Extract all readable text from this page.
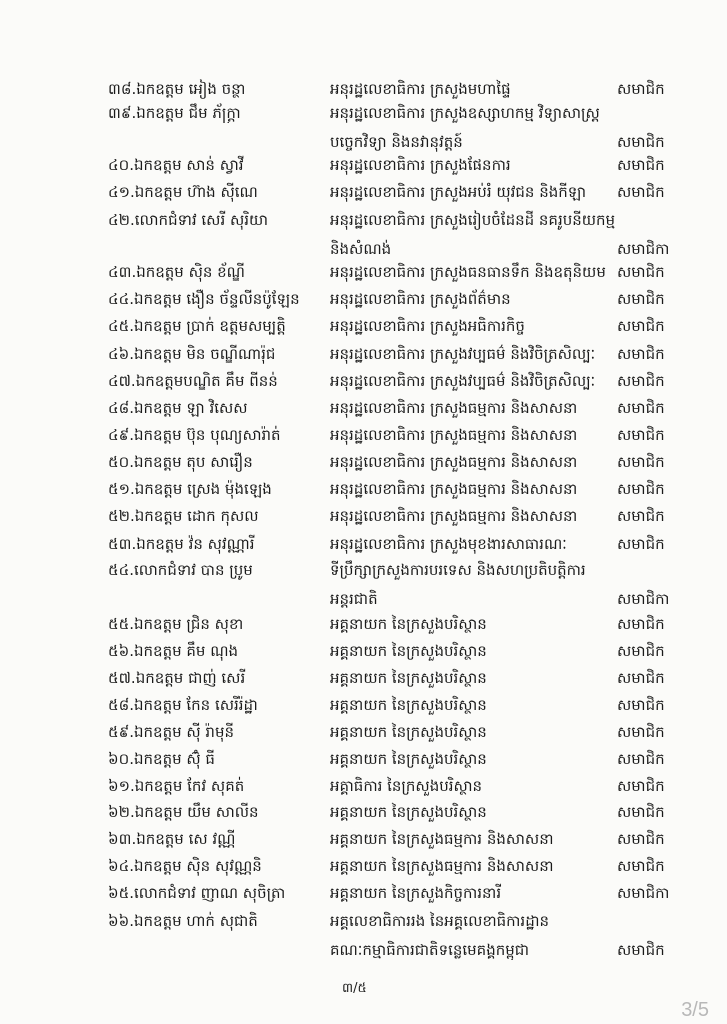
៣៨.ឯកឧត្តម អៀង ចន្ថា	អនុរដ្ឋលេខាធិការ ក្រសួងមហាផ្ទៃ	សមាជិក
៣៩.ឯកឧត្តម ជឹម ភ័ក្រ្តា	អនុរដ្ឋលេខាធិការ ក្រសួងឧស្សាហកម្ម វិទ្យាសាស្ត្រ
បច្ចេកវិទ្យា និងនវានុវត្តន៍	សមាជិក
៤០.ឯកឧត្តម សាន់ ស្វាវី	អនុរដ្ឋលេខាធិការ ក្រសួងផែនការ	សមាជិក
៤១.ឯកឧត្តម ហ៊ាង ស៊ីណេ	អនុរដ្ឋលេខាធិការ ក្រសួងអប់រំ យុវជន និងកីឡា	សមាជិក
៤២.លោកជំទាវ សេរី សុរិយា	អនុរដ្ឋលេខាធិការ ក្រសួងរៀបចំដែនដី នគរូបនីយកម្ម
និងសំណង់	សមាជិកា
៤៣.ឯកឧត្តម ស៊ិន ខ័ណ្ឌី	អនុរដ្ឋលេខាធិការ ក្រសួងធនធានទឹក និងឧតុនិយម សមាជិក
៤៤.ឯកឧត្តម ងឿន ច័ន្ទលីនប៉ូឡែន	អនុរដ្ឋលេខាធិការ ក្រសួងព័ត៌មាន	សមាជិក
៤៥.ឯកឧត្តម ប្រាក់ ឧត្តមសម្បត្តិ	អនុរដ្ឋលេខាធិការ ក្រសួងអធិការកិច្ច	សមាជិក
៤៦.ឯកឧត្តម មិន ចណ្ឌីណារ៉ុជ	អនុរដ្ឋលេខាធិការ ក្រសួងវប្បធម៌ និងវិចិត្រសិល្បៈ	សមាជិក
៤៧.ឯកឧត្តមបណ្ឌិត គឹម ពីនន់	អនុរដ្ឋលេខាធិការ ក្រសួងវប្បធម៌ និងវិចិត្រសិល្បៈ	សមាជិក
៤៨.ឯកឧត្តម ឡា វិសេស	អនុរដ្ឋលេខាធិការ ក្រសួងធម្មការ និងសាសនា	សមាជិក
៤៩.ឯកឧត្តម ប៊ុន បុណ្យសារ៉ាត់	អនុរដ្ឋលេខាធិការ ក្រសួងធម្មការ និងសាសនា	សមាជិក
៥០.ឯកឧត្តម តុប សារឿន	អនុរដ្ឋលេខាធិការ ក្រសួងធម្មការ និងសាសនា	សមាជិក
៥១.ឯកឧត្តម ស្រេង ម៉ុងឡេង	អនុរដ្ឋលេខាធិការ ក្រសួងធម្មការ និងសាសនា	សមាជិក
៥២.ឯកឧត្តម ដោក កុសល	អនុរដ្ឋលេខាធិការ ក្រសួងធម្មការ និងសាសនា	សមាជិក
៥៣.ឯកឧត្តម វ៉ន សុវណ្ណារី	អនុរដ្ឋលេខាធិការ ក្រសួងមុខងារសាធារណៈ	សមាជិក
៥៤.លោកជំទាវ បាន ប្រូម	ទីប្រឹក្សាក្រសួងការបរទេស និងសហប្រតិបត្តិការ
អន្តរជាតិ	សមាជិកា
៥៥.ឯកឧត្តម ជ្រិន សុខា	អគ្គនាយក នៃក្រសួងបរិស្ថាន	សមាជិក
៥៦.ឯកឧត្តម គឹម ណុង	អគ្គនាយក នៃក្រសួងបរិស្ថាន	សមាជិក
៥៧.ឯកឧត្តម ជាញ់ សេរី	អគ្គនាយក នៃក្រសួងបរិស្ថាន	សមាជិក
៥៨.ឯកឧត្តម កែន សេរីរ៉ដ្ឋា	អគ្គនាយក នៃក្រសួងបរិស្ថាន	សមាជិក
៥៩.ឯកឧត្តម ស៊ី រ៉ាមុនី	អគ្គនាយក នៃក្រសួងបរិស្ថាន	សមាជិក
៦០.ឯកឧត្តម ស៊ុំ ធី	អគ្គនាយក នៃក្រសួងបរិស្ថាន	សមាជិក
៦១.ឯកឧត្តម កែវ សុគត់	អគ្គាធិការ នៃក្រសួងបរិស្ថាន	សមាជិក
៦២.ឯកឧត្តម យឹម សាលីន	អគ្គនាយក នៃក្រសួងបរិស្ថាន	សមាជិក
៦៣.ឯកឧត្តម សេ វណ្ណី	អគ្គនាយក នៃក្រសួងធម្មការ និងសាសនា	សមាជិក
៦៤.ឯកឧត្តម ស៊ិន សុវណ្ណនិ	អគ្គនាយក នៃក្រសួងធម្មការ និងសាសនា	សមាជិក
៦៥.លោកជំទាវ ញាណ សុចិត្រា	អគ្គនាយក នៃក្រសួងកិច្ចការនារី	សមាជិកា
៦៦.ឯកឧត្តម ហាក់ សុជាតិ	អគ្គលេខាធិការរង នៃអគ្គលេខាធិការដ្ឋាន
គណៈកម្មាធិការជាតិទន្លេមេគង្គកម្ពុជា	សមាជិក
៣/៥
3/5
